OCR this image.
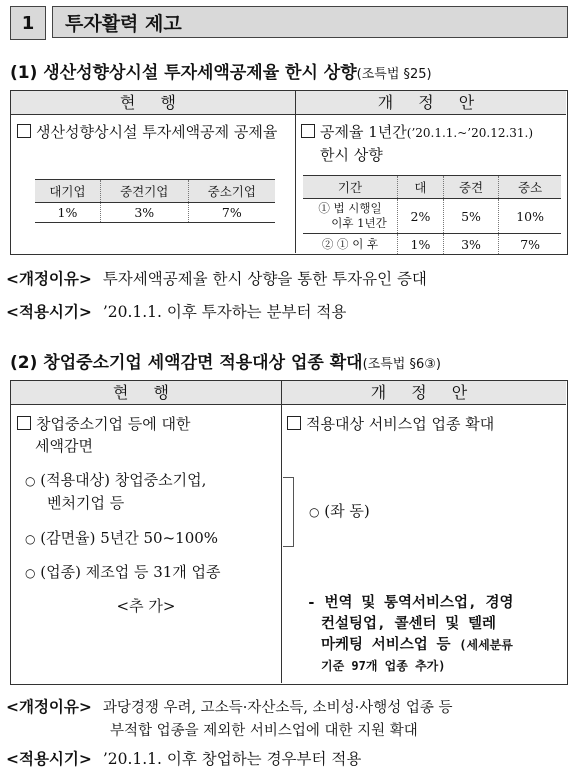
1	투자활력 제고
(1) 생산성향상시설 투자세액공제율 한시 상향(조특법 §25)
현 행	개 정 안
생산성향상시설 투자세액공제 공제율
대기업	중견기업	중소기업
1%	3%	7%
공제율 1년간(’20.1.1.~’20.12.31.)
한시 상향
기간	대	중견	중소
① 법 시행일
이후 1년간	2%	5%	10%
② ① 이 후	1%	3%	7%
<개정이유> 투자세액공제율 한시 상향을 통한 투자유인 증대
<적용시기> ’20.1.1. 이후 투자하는 분부터 적용
(2) 창업중소기업 세액감면 적용대상 업종 확대(조특법 §6③)
현 행	개 정 안
창업중소기업 등에 대한
세액감면
○ (적용대상) 창업중소기업,
벤처기업 등
○ (감면율) 5년간 50~100%
○ (업종) 제조업 등 31개 업종
<추 가>
적용대상 서비스업 업종 확대
○ (좌 동)
- 번역 및 통역서비스업, 경영
컨설팅업, 콜센터 및 텔레
마케팅 서비스업 등 (세세분류
기준 97개 업종 추가)
<개정이유> 과당경쟁 우려, 고소득·자산소득, 소비성·사행성 업종 등
부적합 업종을 제외한 서비스업에 대한 지원 확대
<적용시기> ’20.1.1. 이후 창업하는 경우부터 적용
